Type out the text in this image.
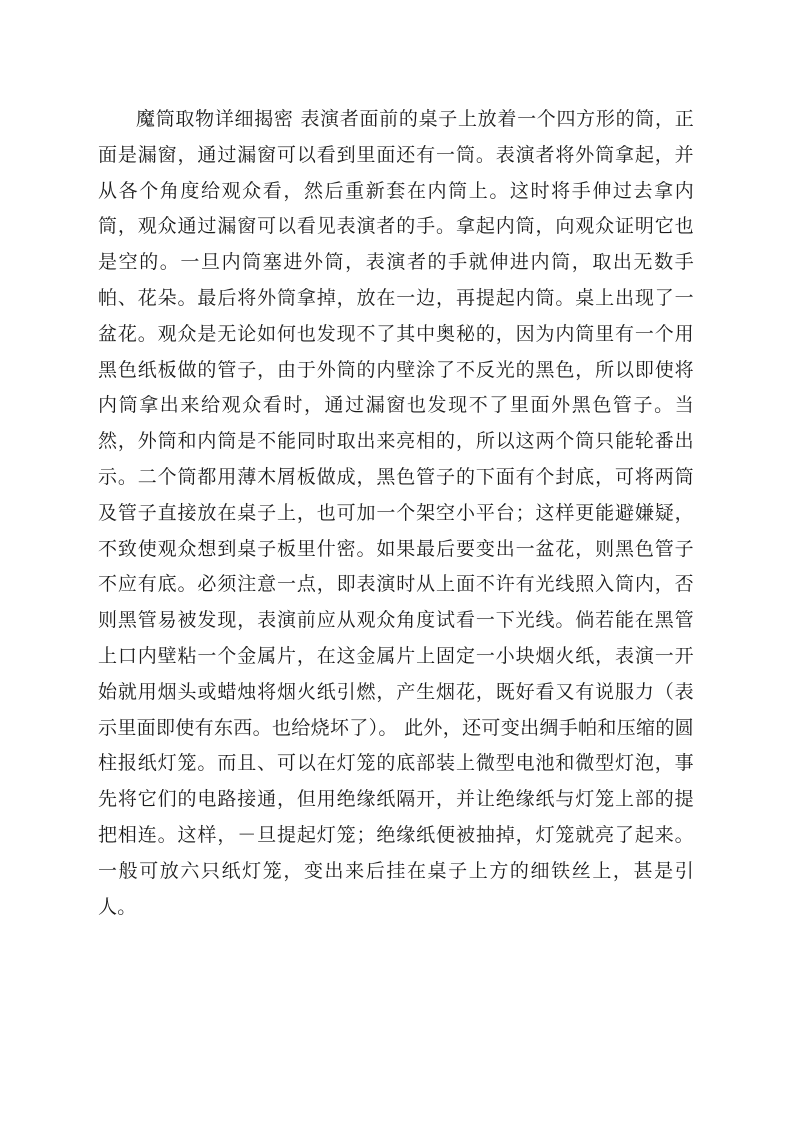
魔筒取物详细揭密 表演者面前的桌子上放着一个四方形的筒，正面是漏窗，通过漏窗可以看到里面还有一筒。表演者将外筒拿起，并从各个角度给观众看，然后重新套在内筒上。这时将手伸过去拿内筒，观众通过漏窗可以看见表演者的手。拿起内筒，向观众证明它也是空的。一旦内筒塞进外筒，表演者的手就伸进内筒，取出无数手帕、花朵。最后将外筒拿掉，放在一边，再提起内筒。桌上出现了一盆花。观众是无论如何也发现不了其中奥秘的，因为内筒里有一个用黑色纸板做的管子，由于外筒的内壁涂了不反光的黑色，所以即使将内筒拿出来给观众看时，通过漏窗也发现不了里面外黑色管子。当然，外筒和内筒是不能同时取出来亮相的，所以这两个筒只能轮番出示。二个筒都用薄木屑板做成，黑色管子的下面有个封底，可将两筒及管子直接放在桌子上，也可加一个架空小平台；这样更能避嫌疑，不致使观众想到桌子板里什密。如果最后要变出一盆花，则黑色管子不应有底。必须注意一点，即表演时从上面不许有光线照入筒内，否则黑管易被发现，表演前应从观众角度试看一下光线。倘若能在黑管上口内壁粘一个金属片，在这金属片上固定一小块烟火纸，表演一开始就用烟头或蜡烛将烟火纸引燃，产生烟花，既好看又有说服力（表示里面即使有东西。也给烧坏了）。 此外，还可变出绸手帕和压缩的圆柱报纸灯笼。而且、可以在灯笼的底部装上微型电池和微型灯泡，事先将它们的电路接通，但用绝缘纸隔开，并让绝缘纸与灯笼上部的提把相连。这样，－旦提起灯笼；绝缘纸便被抽掉，灯笼就亮了起来。一般可放六只纸灯笼，变出来后挂在桌子上方的细铁丝上，甚是引人。
